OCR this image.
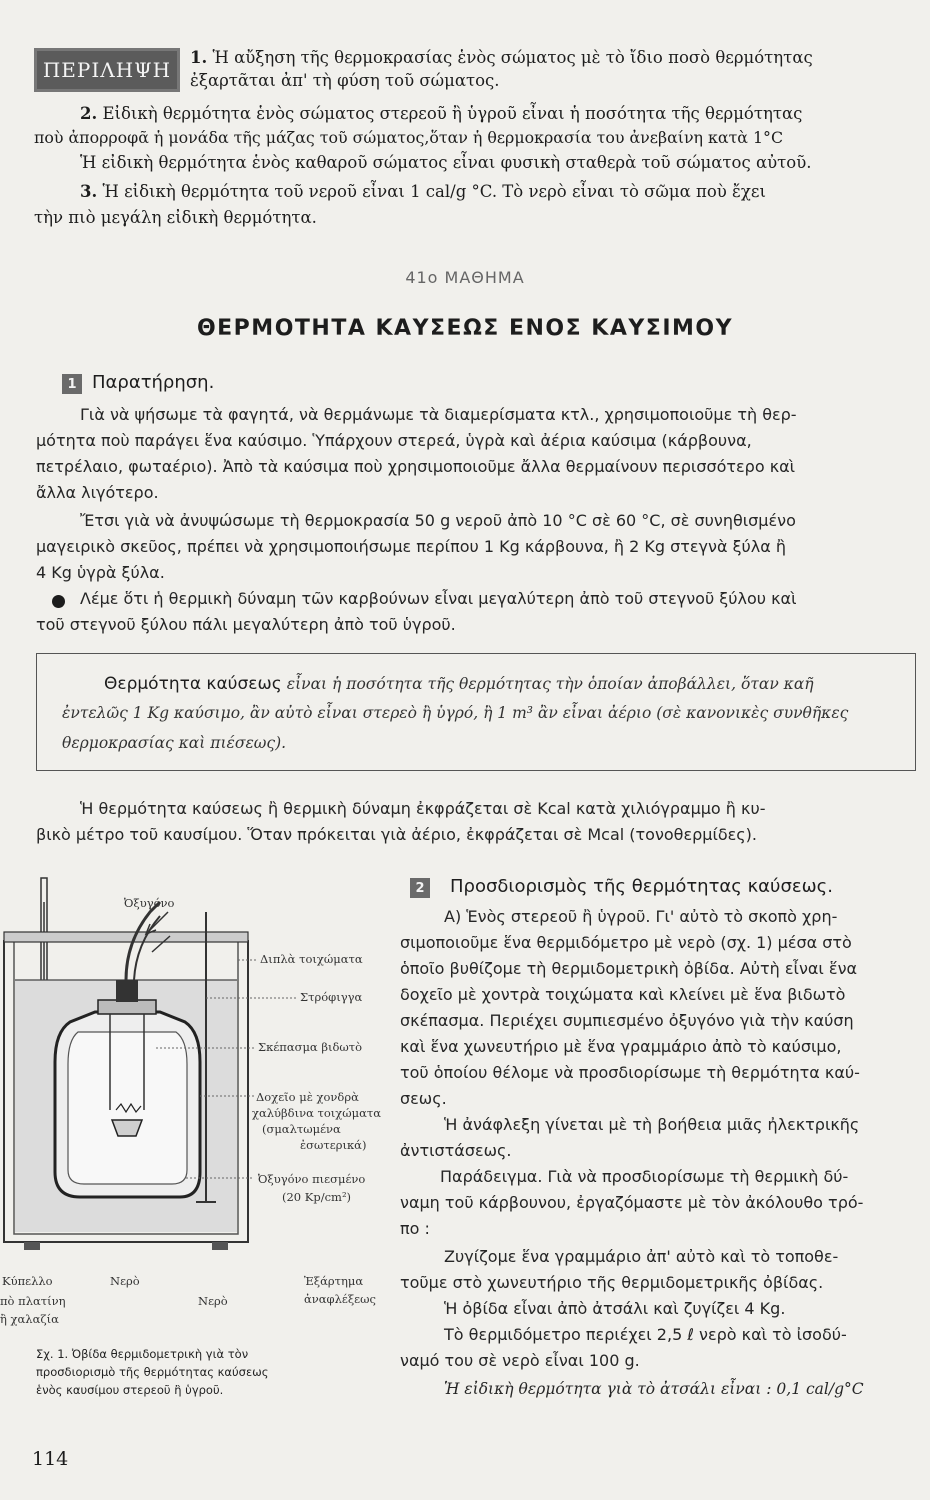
ΠΕΡΙΛΗΨΗ
1. Ἡ αὔξηση τῆς θερμοκρασίας ἑνὸς σώματος μὲ τὸ ἴδιο ποσὸ θερμότητας
ἐξαρτᾶται ἀπ' τὴ φύση τοῦ σώματος.
2. Εἰδικὴ θερμότητα ἑνὸς σώματος στερεοῦ ἢ ὑγροῦ εἶναι ἡ ποσότητα τῆς θερμότητας
ποὺ ἀπορροφᾶ ἡ μονάδα τῆς μάζας τοῦ σώματος,ὅταν ἡ θερμοκρασία του ἀνεβαίνη κατὰ 1°C
Ἡ εἰδικὴ θερμότητα ἑνὸς καθαροῦ σώματος εἶναι φυσικὴ σταθερὰ τοῦ σώματος αὐτοῦ.
3. Ἡ εἰδικὴ θερμότητα τοῦ νεροῦ εἶναι 1 cal/g °C. Τὸ νερὸ εἶναι τὸ σῶμα ποὺ ἔχει
τὴν πιὸ μεγάλη εἰδικὴ θερμότητα.
41ο ΜΑΘΗΜΑ
ΘΕΡΜΟΤΗΤΑ ΚΑΥΣΕΩΣ ΕΝΟΣ ΚΑΥΣΙΜΟΥ
1 Παρατήρηση.
Γιὰ νὰ ψήσωμε τὰ φαγητά, νὰ θερμάνωμε τὰ διαμερίσματα κτλ., χρησιμοποιοῦμε τὴ θερ-
μότητα ποὺ παράγει ἕνα καύσιμο. Ὑπάρχουν στερεά, ὑγρὰ καὶ ἀέρια καύσιμα (κάρβουνα,
πετρέλαιο, φωταέριο). Ἀπὸ τὰ καύσιμα ποὺ χρησιμοποιοῦμε ἄλλα θερμαίνουν περισσότερο καὶ
ἄλλα λιγότερο.
Ἔτσι γιὰ νὰ ἀνυψώσωμε τὴ θερμοκρασία 50 g νεροῦ ἀπὸ 10 °C σὲ 60 °C, σὲ συνηθισμένο
μαγειρικὸ σκεῦος, πρέπει νὰ χρησιμοποιήσωμε περίπου 1 Kg κάρβουνα, ἢ 2 Kg στεγνὰ ξύλα ἢ
4 Kg ὑγρὰ ξύλα.
Λέμε ὅτι ἡ θερμικὴ δύναμη τῶν καρβούνων εἶναι μεγαλύτερη ἀπὸ τοῦ στεγνοῦ ξύλου καὶ
τοῦ στεγνοῦ ξύλου πάλι μεγαλύτερη ἀπὸ τοῦ ὑγροῦ.
Θερμότητα καύσεως εἶναι ἡ ποσότητα τῆς θερμότητας τὴν ὁποίαν ἀποβάλλει, ὅταν καῆ
ἐντελῶς 1 Kg καύσιμο, ἂν αὐτὸ εἶναι στερεὸ ἢ ὑγρό, ἢ 1 m³ ἂν εἶναι ἀέριο (σὲ κανονικὲς συνθῆκες
θερμοκρασίας καὶ πιέσεως).
Ἡ θερμότητα καύσεως ἢ θερμικὴ δύναμη ἐκφράζεται σὲ Kcal κατὰ χιλιόγραμμο ἢ κυ-
βικὸ μέτρο τοῦ καυσίμου. Ὅταν πρόκειται γιὰ ἀέριο, ἐκφράζεται σὲ Mcal (τονοθερμίδες).
Ὀξυγόνο
Διπλὰ τοιχώματα
Στρόφιγγα
Σκέπασμα βιδωτὸ
Δοχεῖο μὲ χονδρὰ
χαλύβδινα τοιχώματα
(σμαλτωμένα
ἐσωτερικά)
Ὀξυγόνο πιεσμένο
(20 Kp/cm²)
Κύπελλο
πὸ πλατίνη
ἢ χαλαζία
Νερὸ
Νερὸ
Ἐξάρτημα
ἀναφλέξεως
Σχ. 1. Ὀβίδα θερμιδομετρικὴ γιὰ τὸν
προσδιορισμὸ τῆς θερμότητας καύσεως
ἑνὸς καυσίμου στερεοῦ ἢ ὑγροῦ.
2	Προσδιορισμὸς τῆς θερμότητας καύσεως.
Α) Ἑνὸς στερεοῦ ἢ ὑγροῦ. Γι' αὐτὸ τὸ σκοπὸ χρη-
σιμοποιοῦμε ἕνα θερμιδόμετρο μὲ νερὸ (σχ. 1) μέσα στὸ
ὁποῖο βυθίζομε τὴ θερμιδομετρικὴ ὀβίδα. Αὐτὴ εἶναι ἕνα
δοχεῖο μὲ χοντρὰ τοιχώματα καὶ κλείνει μὲ ἕνα βιδωτὸ
σκέπασμα. Περιέχει συμπιεσμένο ὀξυγόνο γιὰ τὴν καύση
καὶ ἕνα χωνευτήριο μὲ ἕνα γραμμάριο ἀπὸ τὸ καύσιμο,
τοῦ ὁποίου θέλομε νὰ προσδιορίσωμε τὴ θερμότητα καύ-
σεως.
Ἡ ἀνάφλεξη γίνεται μὲ τὴ βοήθεια μιᾶς ἠλεκτρικῆς
ἀντιστάσεως.
Παράδειγμα. Γιὰ νὰ προσδιορίσωμε τὴ θερμικὴ δύ-
ναμη τοῦ κάρβουνου, ἐργαζόμαστε μὲ τὸν ἀκόλουθο τρό-
πο :
Ζυγίζομε ἕνα γραμμάριο ἀπ' αὐτὸ καὶ τὸ τοποθε-
τοῦμε στὸ χωνευτήριο τῆς θερμιδομετρικῆς ὀβίδας.
Ἡ ὀβίδα εἶναι ἀπὸ ἀτσάλι καὶ ζυγίζει 4 Kg.
Τὸ θερμιδόμετρο περιέχει 2,5 ℓ νερὸ καὶ τὸ ἰσοδύ-
ναμό του σὲ νερὸ εἶναι 100 g.
Ἡ εἰδικὴ θερμότητα γιὰ τὸ ἀτσάλι εἶναι : 0,1 cal/g°C
114
